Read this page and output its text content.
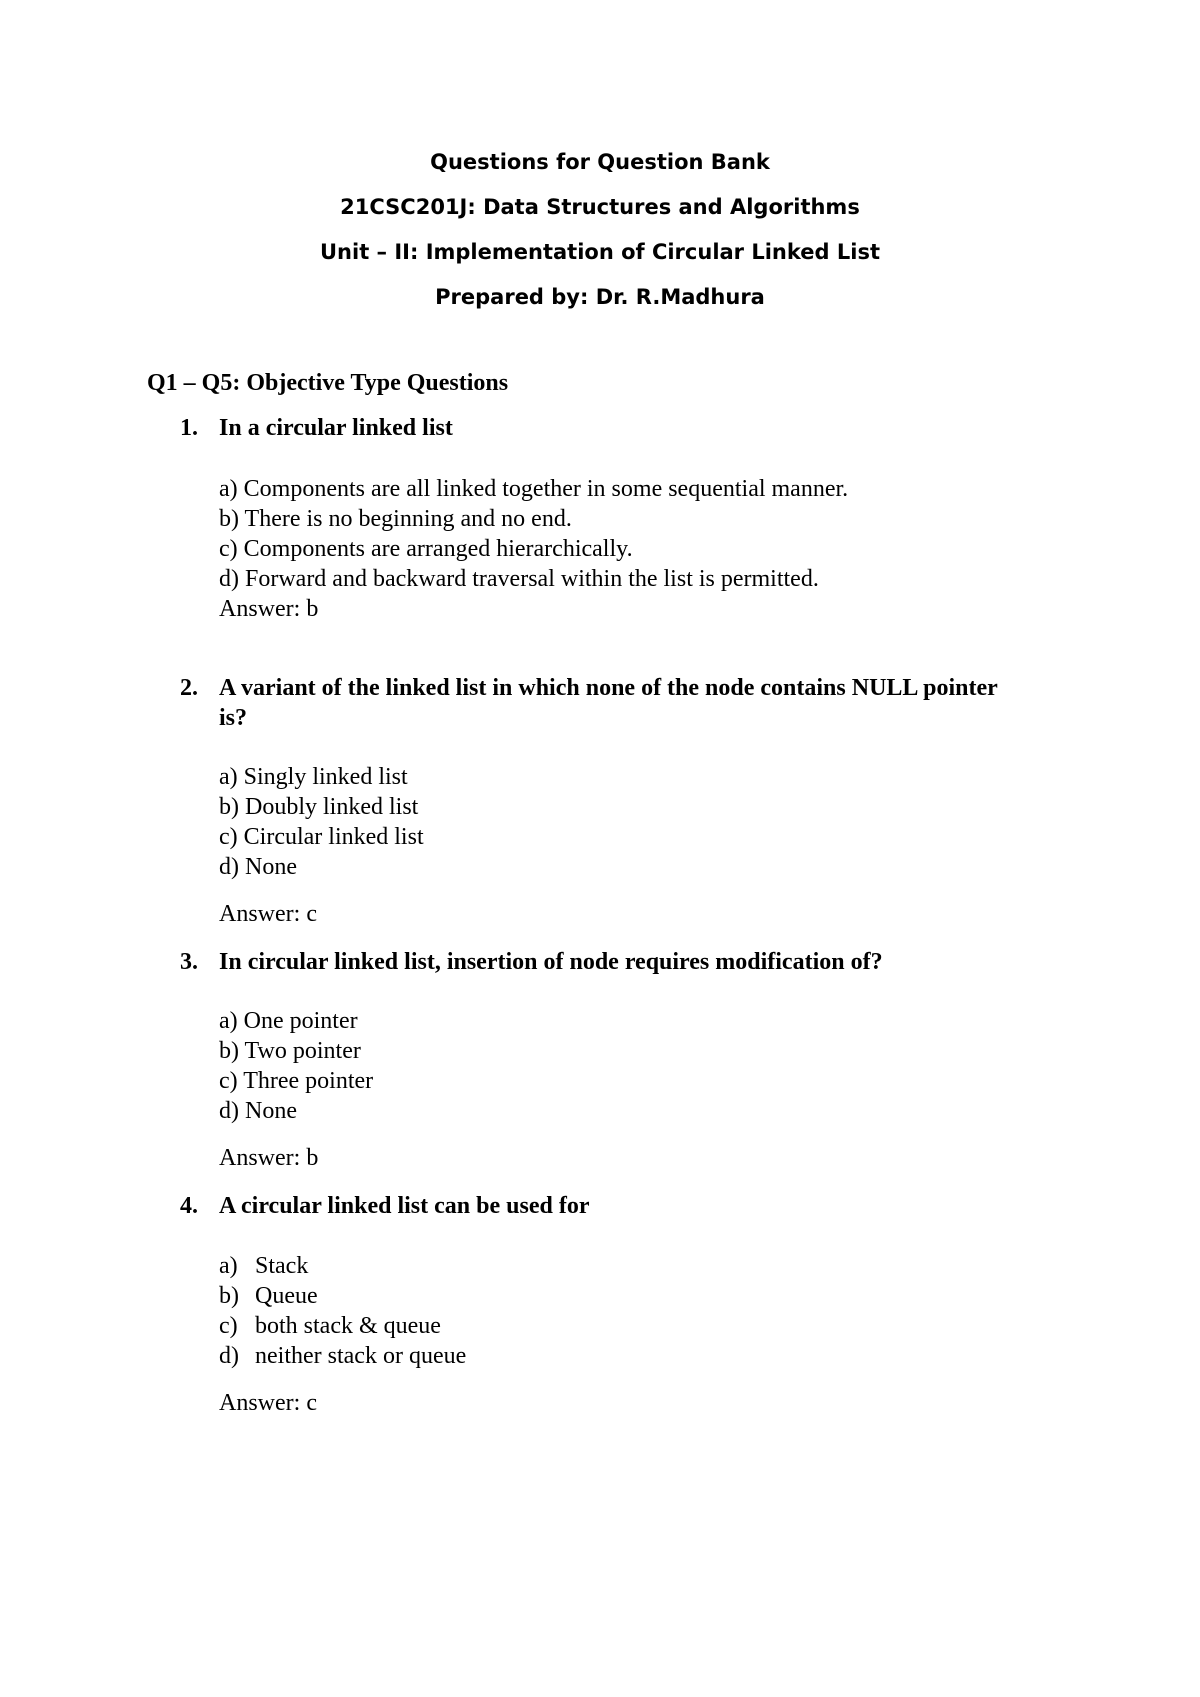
Questions for Question Bank
21CSC201J: Data Structures and Algorithms
Unit – II: Implementation of Circular Linked List
Prepared by: Dr. R.Madhura
Q1 – Q5: Objective Type Questions
1. In a circular linked list
a) Components are all linked together in some sequential manner.
b) There is no beginning and no end.
c) Components are arranged hierarchically.
d) Forward and backward traversal within the list is permitted.
Answer: b
2. A variant of the linked list in which none of the node contains NULL pointer is?
a) Singly linked list
b) Doubly linked list
c) Circular linked list
d) None
Answer: c
3. In circular linked list, insertion of node requires modification of?
a) One pointer
b) Two pointer
c) Three pointer
d) None
Answer: b
4. A circular linked list can be used for
a) Stack
b) Queue
c) both stack & queue
d) neither stack or queue
Answer: c
